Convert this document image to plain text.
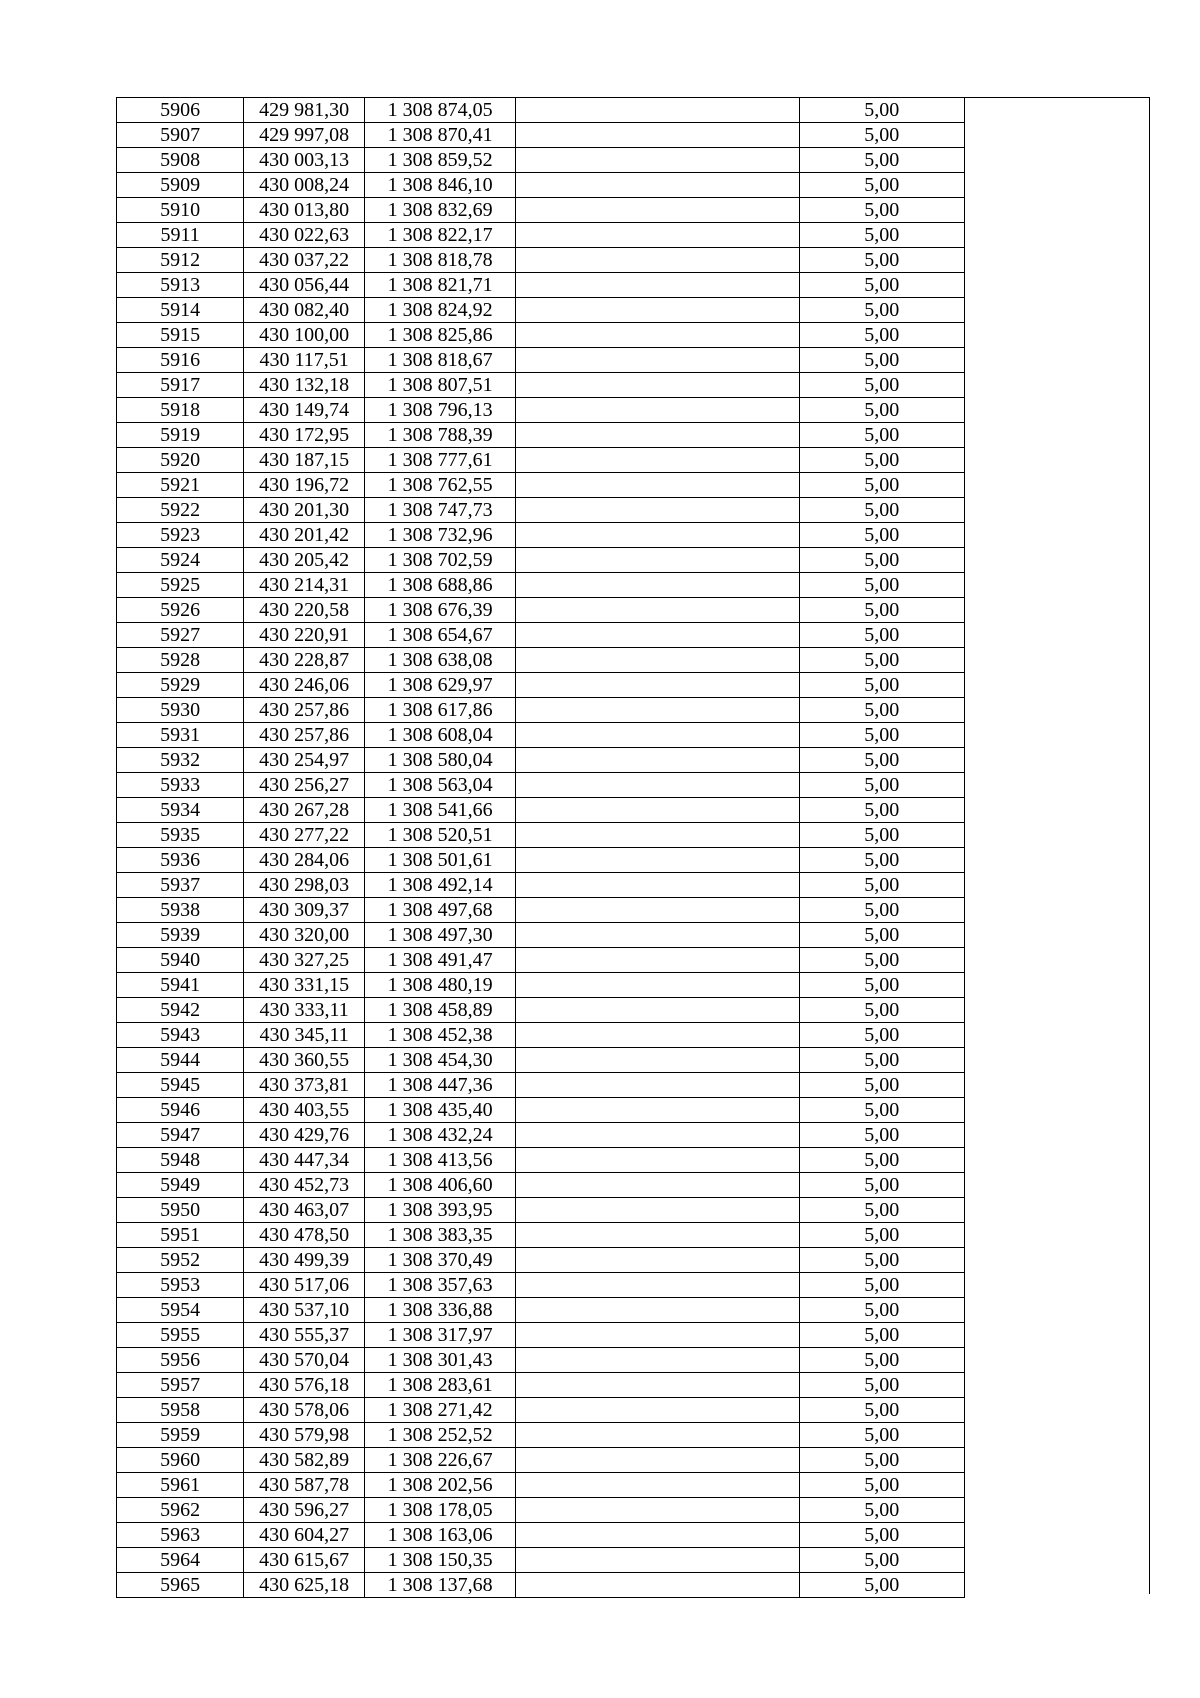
5906	429 981,30	1 308 874,05		5,00
5907	429 997,08	1 308 870,41		5,00
5908	430 003,13	1 308 859,52		5,00
5909	430 008,24	1 308 846,10		5,00
5910	430 013,80	1 308 832,69		5,00
5911	430 022,63	1 308 822,17		5,00
5912	430 037,22	1 308 818,78		5,00
5913	430 056,44	1 308 821,71		5,00
5914	430 082,40	1 308 824,92		5,00
5915	430 100,00	1 308 825,86		5,00
5916	430 117,51	1 308 818,67		5,00
5917	430 132,18	1 308 807,51		5,00
5918	430 149,74	1 308 796,13		5,00
5919	430 172,95	1 308 788,39		5,00
5920	430 187,15	1 308 777,61		5,00
5921	430 196,72	1 308 762,55		5,00
5922	430 201,30	1 308 747,73		5,00
5923	430 201,42	1 308 732,96		5,00
5924	430 205,42	1 308 702,59		5,00
5925	430 214,31	1 308 688,86		5,00
5926	430 220,58	1 308 676,39		5,00
5927	430 220,91	1 308 654,67		5,00
5928	430 228,87	1 308 638,08		5,00
5929	430 246,06	1 308 629,97		5,00
5930	430 257,86	1 308 617,86		5,00
5931	430 257,86	1 308 608,04		5,00
5932	430 254,97	1 308 580,04		5,00
5933	430 256,27	1 308 563,04		5,00
5934	430 267,28	1 308 541,66		5,00
5935	430 277,22	1 308 520,51		5,00
5936	430 284,06	1 308 501,61		5,00
5937	430 298,03	1 308 492,14		5,00
5938	430 309,37	1 308 497,68		5,00
5939	430 320,00	1 308 497,30		5,00
5940	430 327,25	1 308 491,47		5,00
5941	430 331,15	1 308 480,19		5,00
5942	430 333,11	1 308 458,89		5,00
5943	430 345,11	1 308 452,38		5,00
5944	430 360,55	1 308 454,30		5,00
5945	430 373,81	1 308 447,36		5,00
5946	430 403,55	1 308 435,40		5,00
5947	430 429,76	1 308 432,24		5,00
5948	430 447,34	1 308 413,56		5,00
5949	430 452,73	1 308 406,60		5,00
5950	430 463,07	1 308 393,95		5,00
5951	430 478,50	1 308 383,35		5,00
5952	430 499,39	1 308 370,49		5,00
5953	430 517,06	1 308 357,63		5,00
5954	430 537,10	1 308 336,88		5,00
5955	430 555,37	1 308 317,97		5,00
5956	430 570,04	1 308 301,43		5,00
5957	430 576,18	1 308 283,61		5,00
5958	430 578,06	1 308 271,42		5,00
5959	430 579,98	1 308 252,52		5,00
5960	430 582,89	1 308 226,67		5,00
5961	430 587,78	1 308 202,56		5,00
5962	430 596,27	1 308 178,05		5,00
5963	430 604,27	1 308 163,06		5,00
5964	430 615,67	1 308 150,35		5,00
5965	430 625,18	1 308 137,68		5,00
